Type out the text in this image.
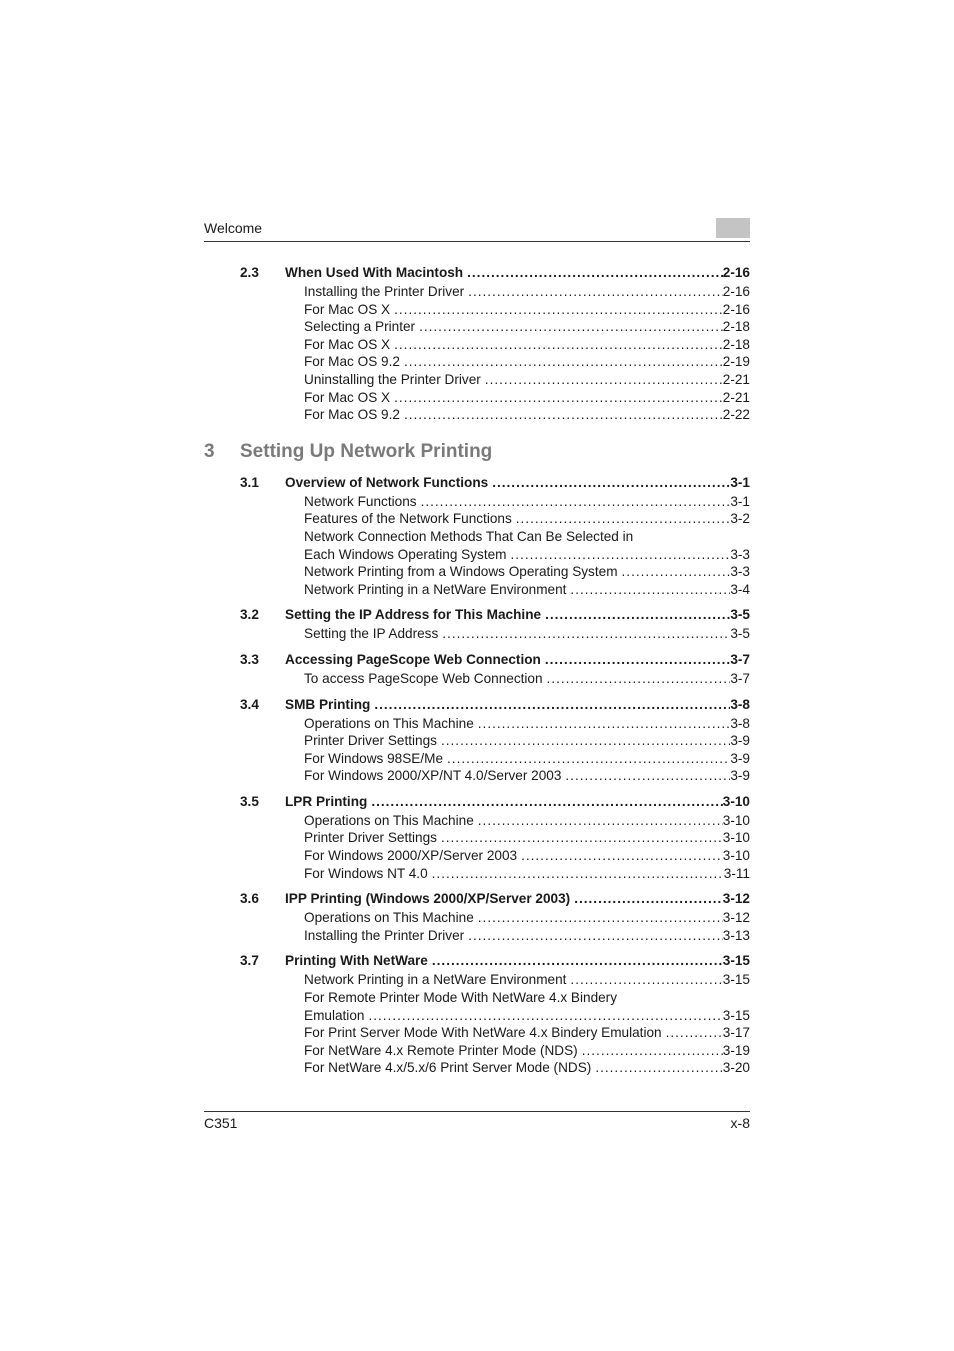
Welcome
2.3 When Used With Macintosh .....	2-16
Installing the Printer Driver .....	2-16
For Mac OS X .....	2-16
Selecting a Printer .....	2-18
For Mac OS X .....	2-18
For Mac OS 9.2 .....	2-19
Uninstalling the Printer Driver .....	2-21
For Mac OS X .....	2-21
For Mac OS 9.2 .....	2-22
3 Setting Up Network Printing
3.1 Overview of Network Functions .....	3-1
Network Functions .....	3-1
Features of the Network Functions .....	3-2
Network Connection Methods That Can Be Selected in
Each Windows Operating System .....	3-3
Network Printing from a Windows Operating System .....	3-3
Network Printing in a NetWare Environment .....	3-4
3.2 Setting the IP Address for This Machine .....	3-5
Setting the IP Address .....	3-5
3.3 Accessing PageScope Web Connection .....	3-7
To access PageScope Web Connection .....	3-7
3.4 SMB Printing .....	3-8
Operations on This Machine .....	3-8
Printer Driver Settings .....	3-9
For Windows 98SE/Me .....	3-9
For Windows 2000/XP/NT 4.0/Server 2003 .....	3-9
3.5 LPR Printing .....	3-10
Operations on This Machine .....	3-10
Printer Driver Settings .....	3-10
For Windows 2000/XP/Server 2003 .....	3-10
For Windows NT 4.0 .....	3-11
3.6 IPP Printing (Windows 2000/XP/Server 2003) .....	3-12
Operations on This Machine .....	3-12
Installing the Printer Driver .....	3-13
3.7 Printing With NetWare .....	3-15
Network Printing in a NetWare Environment .....	3-15
For Remote Printer Mode With NetWare 4.x Bindery
Emulation .....	3-15
For Print Server Mode With NetWare 4.x Bindery Emulation .....	3-17
For NetWare 4.x Remote Printer Mode (NDS) .....	3-19
For NetWare 4.x/5.x/6 Print Server Mode (NDS) .....	3-20
C351	x-8
